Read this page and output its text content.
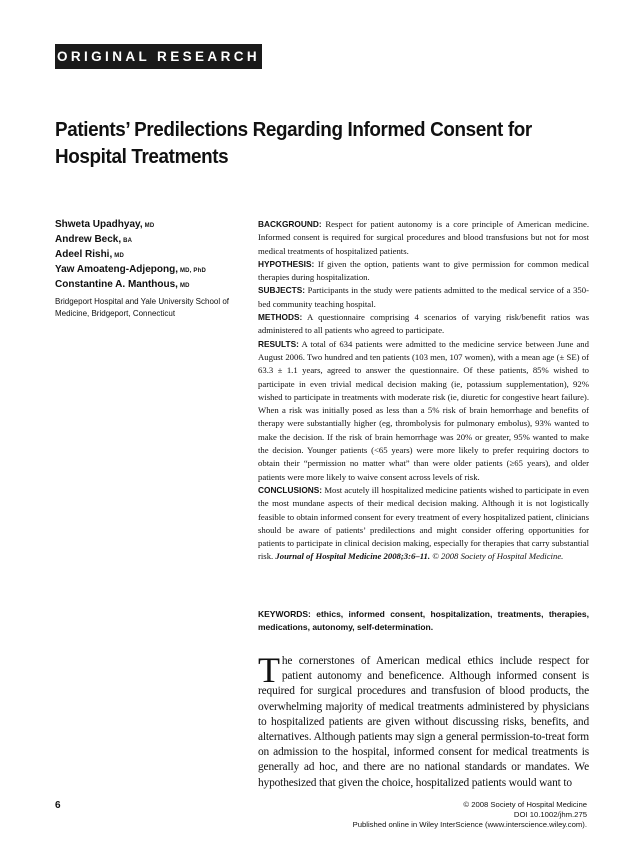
ORIGINAL RESEARCH
Patients’ Predilections Regarding Informed Consent for Hospital Treatments
Shweta Upadhyay, MD
Andrew Beck, BA
Adeel Rishi, MD
Yaw Amoateng-Adjepong, MD, PhD
Constantine A. Manthous, MD
Bridgeport Hospital and Yale University School of Medicine, Bridgeport, Connecticut

BACKGROUND: Respect for patient autonomy is a core principle of American medicine. Informed consent is required for surgical procedures and blood transfusions but not for most medical treatments of hospitalized patients.

HYPOTHESIS: If given the option, patients want to give permission for common medical therapies during hospitalization.

SUBJECTS: Participants in the study were patients admitted to the medical service of a 350-bed community teaching hospital.

METHODS: A questionnaire comprising 4 scenarios of varying risk/benefit ratios was administered to all patients who agreed to participate.

RESULTS: A total of 634 patients were admitted to the medicine service between June and August 2006. Two hundred and ten patients (103 men, 107 women), with a mean age (± SE) of 63.3 ± 1.1 years, agreed to answer the questionnaire. Of these patients, 85% wished to participate in even trivial medical decision making (ie, potassium supplementation), 92% wished to participate in treatments with moderate risk (ie, diuretic for congestive heart failure). When a risk was initially posed as less than a 5% risk of brain hemorrhage and benefits of therapy were substantially higher (eg, thrombolysis for pulmonary embolus), 93% wanted to make the decision. If the risk of brain hemorrhage was 20% or greater, 95% wanted to make the decision. Younger patients (<65 years) were more likely to prefer requiring doctors to obtain their “permission no matter what” than were older patients (≥65 years), and older patients were more likely to waive consent across levels of risk.

CONCLUSIONS: Most acutely ill hospitalized medicine patients wished to participate in even the most mundane aspects of their medical decision making. Although it is not logistically feasible to obtain informed consent for every treatment of every hospitalized patient, clinicians should be aware of patients’ predilections and might consider offering opportunities for patients to participate in clinical decision making, especially for therapies that carry substantial risk. Journal of Hospital Medicine 2008;3:6–11. © 2008 Society of Hospital Medicine.

KEYWORDS: ethics, informed consent, hospitalization, treatments, therapies, medications, autonomy, self-determination.
The cornerstones of American medical ethics include respect for patient autonomy and beneficence. Although informed consent is required for surgical procedures and transfusion of blood products, the overwhelming majority of medical treatments administered by physicians to hospitalized patients are given without discussing risks, benefits, and alternatives. Although patients may sign a general permission-to-treat form on admission to the hospital, informed consent for medical treatments is generally ad hoc, and there are no national standards or mandates. We hypothesized that given the choice, hospitalized patients would want to
6	© 2008 Society of Hospital Medicine
DOI 10.1002/jhm.275
Published online in Wiley InterScience (www.interscience.wiley.com).
